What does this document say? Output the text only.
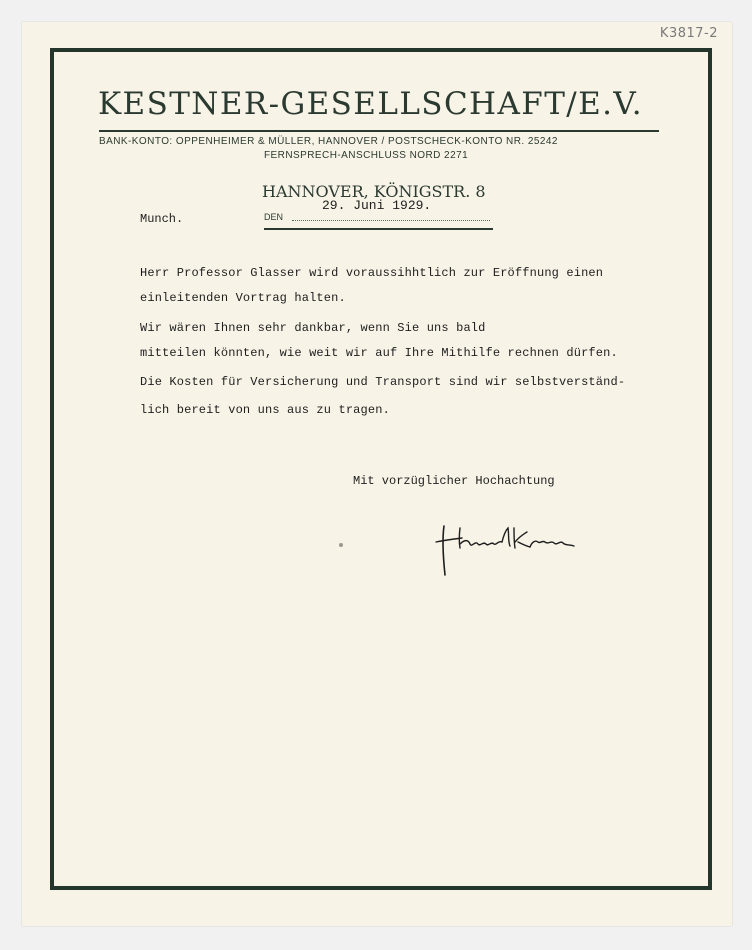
K3817-2
KESTNER-GESELLSCHAFT/E.V.
BANK-KONTO: OPPENHEIMER & MÜLLER, HANNOVER / POSTSCHECK-KONTO NR. 25242
FERNSPRECH-ANSCHLUSS NORD 2271
HANNOVER, KÖNIGSTR. 8
29. Juni 1929.
DEN
Munch.
Herr Professor Glasser wird voraussihhtlich zur Eröffnung einen
einleitenden Vortrag halten.
Wir wären Ihnen sehr dankbar, wenn Sie uns bald
mitteilen könnten, wie weit wir auf Ihre Mithilfe rechnen dürfen.
Die Kosten für Versicherung und Transport sind wir selbstverständ-
lich bereit von uns aus zu tragen.
Mit vorzüglicher Hochachtung
